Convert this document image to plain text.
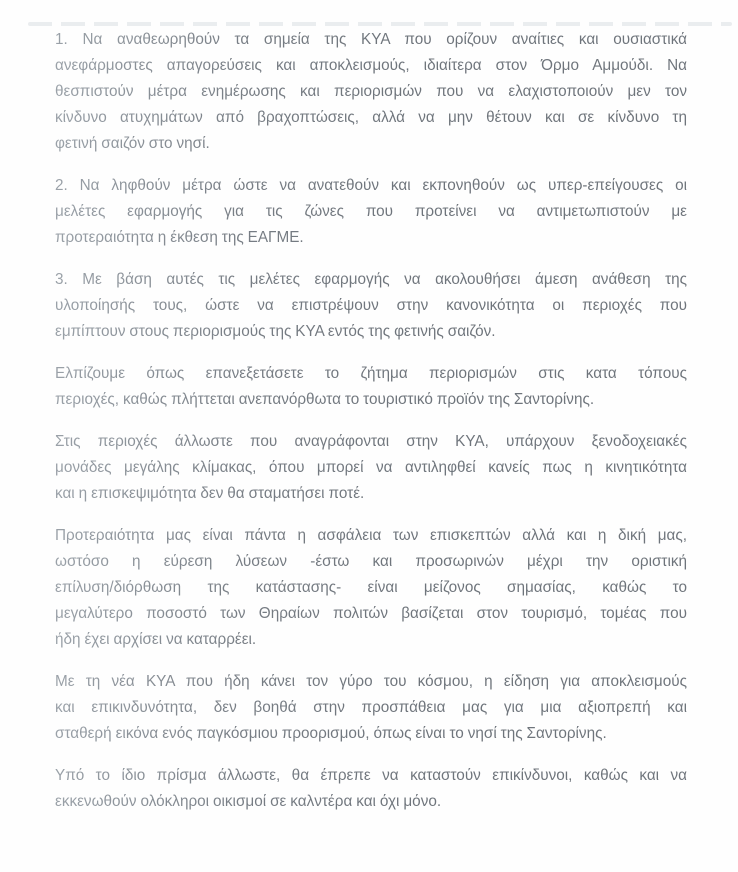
1. Να αναθεωρηθούν τα σημεία της ΚΥΑ που ορίζουν αναίτιες και ουσιαστικά
ανεφάρμοστες απαγορεύσεις και αποκλεισμούς, ιδιαίτερα στον Όρμο Αμμούδι. Να
θεσπιστούν μέτρα ενημέρωσης και περιορισμών που να ελαχιστοποιούν μεν τον
κίνδυνο ατυχημάτων από βραχοπτώσεις, αλλά να μην θέτουν και σε κίνδυνο τη
φετινή σαιζόν στο νησί.
2. Να ληφθούν μέτρα ώστε να ανατεθούν και εκπονηθούν ως υπερ-επείγουσες οι
μελέτες εφαρμογής για τις ζώνες που προτείνει να αντιμετωπιστούν με
προτεραιότητα η έκθεση της ΕΑΓΜΕ.
3. Με βάση αυτές τις μελέτες εφαρμογής να ακολουθήσει άμεση ανάθεση της
υλοποίησής τους, ώστε να επιστρέψουν στην κανονικότητα οι περιοχές που
εμπίπτουν στους περιορισμούς της ΚΥΑ εντός της φετινής σαιζόν.
Ελπίζουμε όπως επανεξετάσετε το ζήτημα περιορισμών στις κατα τόπους
περιοχές, καθώς πλήττεται ανεπανόρθωτα το τουριστικό προϊόν της Σαντορίνης.
Στις περιοχές άλλωστε που αναγράφονται στην ΚΥΑ, υπάρχουν ξενοδοχειακές
μονάδες μεγάλης κλίμακας, όπου μπορεί να αντιληφθεί κανείς πως η κινητικότητα
και η επισκεψιμότητα δεν θα σταματήσει ποτέ.
Προτεραιότητα μας είναι πάντα η ασφάλεια των επισκεπτών αλλά και η δική μας,
ωστόσο η εύρεση λύσεων -έστω και προσωρινών μέχρι την οριστική
επίλυση/διόρθωση της κατάστασης- είναι μείζονος σημασίας, καθώς το
μεγαλύτερο ποσοστό των Θηραίων πολιτών βασίζεται στον τουρισμό, τομέας που
ήδη έχει αρχίσει να καταρρέει.
Με τη νέα ΚΥΑ που ήδη κάνει τον γύρο του κόσμου, η είδηση για αποκλεισμούς
και επικινδυνότητα, δεν βοηθά στην προσπάθεια μας για μια αξιοπρεπή και
σταθερή εικόνα ενός παγκόσμιου προορισμού, όπως είναι το νησί της Σαντορίνης.
Υπό το ίδιο πρίσμα άλλωστε, θα έπρεπε να καταστούν επικίνδυνοι, καθώς και να
εκκενωθούν ολόκληροι οικισμοί σε καλντέρα και όχι μόνο.
